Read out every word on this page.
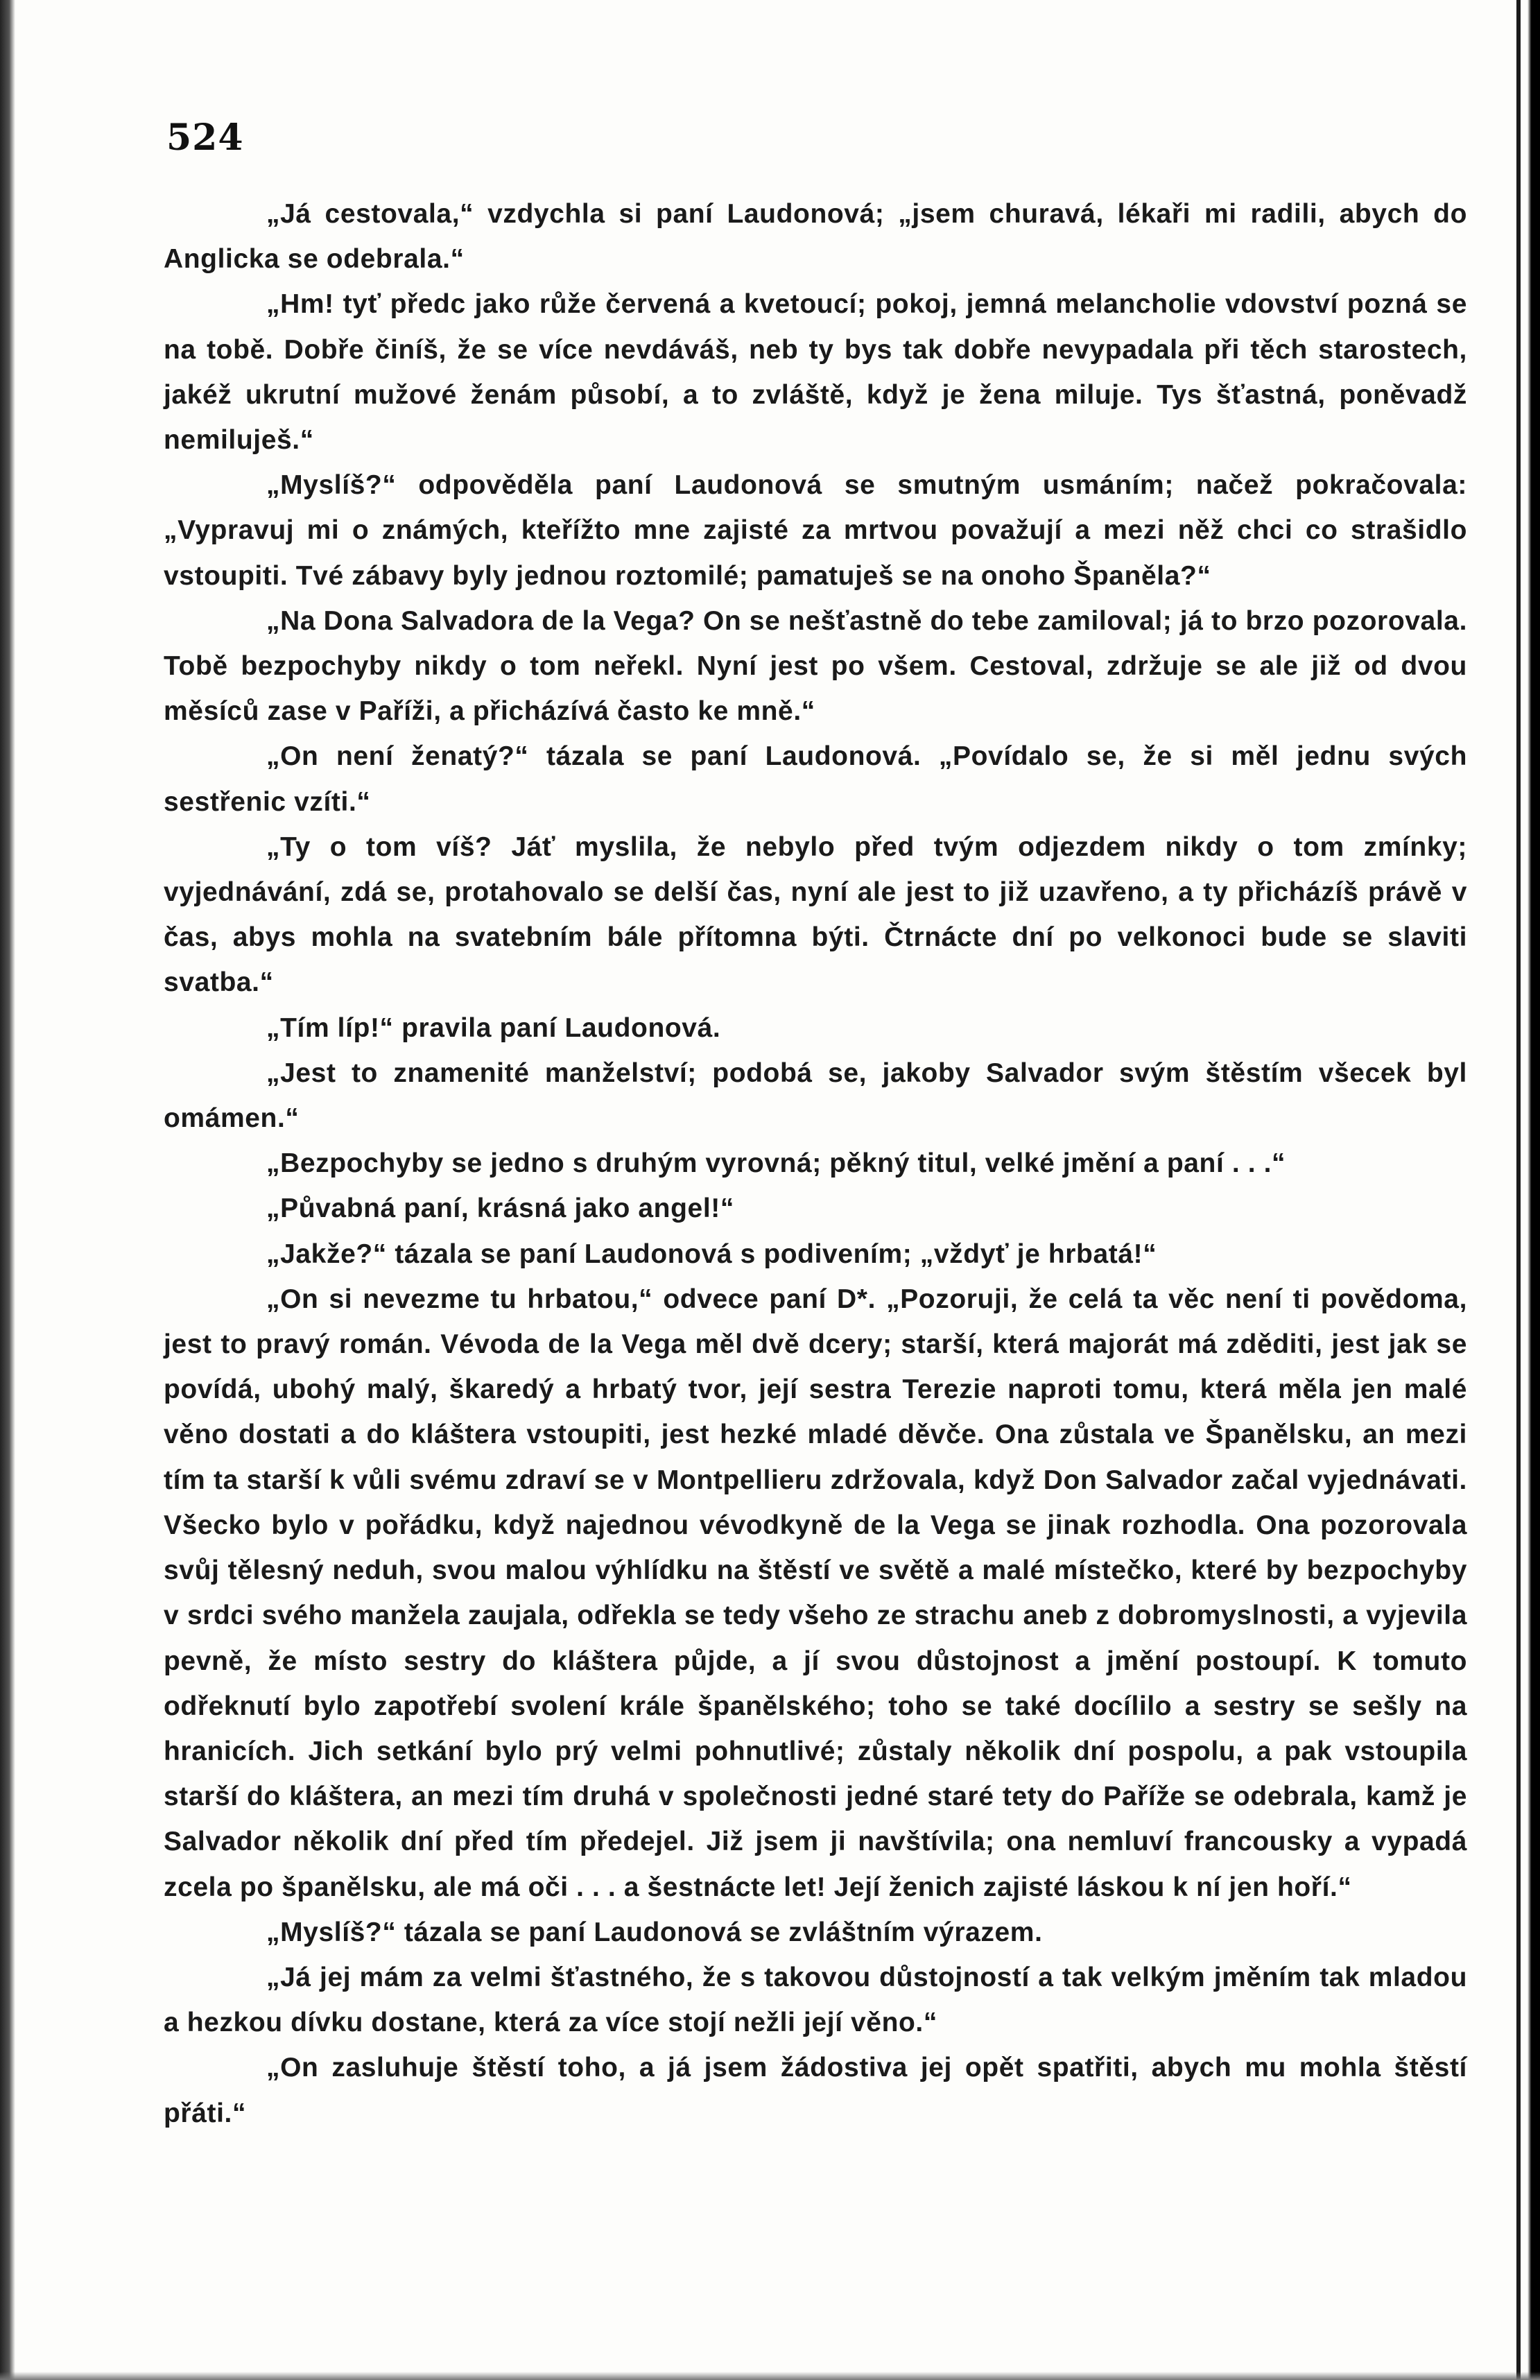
524

„Já cestovala,“ vzdychla si paní Laudonová; „jsem churavá, lékaři mi radili, abych do Anglicka se odebrala.“

„Hm! tyť předc jako růže červená a kvetoucí; pokoj, jemná melancholie vdovství pozná se na tobě. Dobře činíš, že se více nevdáváš, neb ty bys tak dobře nevypadala při těch starostech, jakéž ukrutní mužové ženám působí, a to zvláště, když je žena miluje. Tys šťastná, poněvadž nemiluješ.“

„Myslíš?“ odpověděla paní Laudonová se smutným usmáním; načež pokračovala: „Vypravuj mi o známých, kteřížto mne zajisté za mrtvou považují a mezi něž chci co strašidlo vstoupiti. Tvé zábavy byly jednou roztomilé; pamatuješ se na onoho Španěla?“

„Na Dona Salvadora de la Vega? On se nešťastně do tebe zamiloval; já to brzo pozorovala. Tobě bezpochyby nikdy o tom neřekl. Nyní jest po všem. Cestoval, zdržuje se ale již od dvou měsíců zase v Paříži, a přicházívá často ke mně.“

„On není ženatý?“ tázala se paní Laudonová. „Povídalo se, že si měl jednu svých sestřenic vzíti.“

„Ty o tom víš? Jáť myslila, že nebylo před tvým odjezdem nikdy o tom zmínky; vyjednávání, zdá se, protahovalo se delší čas, nyní ale jest to již uzavřeno, a ty přicházíš právě v čas, abys mohla na svatebním bále přítomna býti. Čtrnácte dní po velkonoci bude se slaviti svatba.“

„Tím líp!“ pravila paní Laudonová.

„Jest to znamenité manželství; podobá se, jakoby Salvador svým štěstím všecek byl omámen.“

„Bezpochyby se jedno s druhým vyrovná; pěkný titul, velké jmění a paní . . .“

„Půvabná paní, krásná jako angel!“

„Jakže?“ tázala se paní Laudonová s podivením; „vždyť je hrbatá!“

„On si nevezme tu hrbatou,“ odvece paní D*. „Pozoruji, že celá ta věc není ti povědoma, jest to pravý román. Vévoda de la Vega měl dvě dcery; starší, která majorát má zděditi, jest jak se povídá, ubohý malý, škaredý a hrbatý tvor, její sestra Terezie naproti tomu, která měla jen malé věno dostati a do kláštera vstoupiti, jest hezké mladé děvče. Ona zůstala ve Španělsku, an mezi tím ta starší k vůli svému zdraví se v Montpellieru zdržovala, když Don Salvador začal vyjednávati. Všecko bylo v pořádku, když najednou vévodkyně de la Vega se jinak rozhodla. Ona pozorovala svůj tělesný neduh, svou malou výhlídku na štěstí ve světě a malé místečko, které by bezpochyby v srdci svého manžela zaujala, odřekla se tedy všeho ze strachu aneb z dobromyslnosti, a vyjevila pevně, že místo sestry do kláštera půjde, a jí svou důstojnost a jmění postoupí. K tomuto odřeknutí bylo zapotřebí svolení krále španělského; toho se také docílilo a sestry se sešly na hranicích. Jich setkání bylo prý velmi pohnutlivé; zůstaly několik dní pospolu, a pak vstoupila starší do kláštera, an mezi tím druhá v společnosti jedné staré tety do Paříže se odebrala, kamž je Salvador několik dní před tím předejel. Již jsem ji navštívila; ona nemluví francousky a vypadá zcela po španělsku, ale má oči . . . a šestnácte let! Její ženich zajisté láskou k ní jen hoří.“

„Myslíš?“ tázala se paní Laudonová se zvláštním výrazem.

„Já jej mám za velmi šťastného, že s takovou důstojností a tak velkým jměním tak mladou a hezkou dívku dostane, která za více stojí nežli její věno.“

„On zasluhuje štěstí toho, a já jsem žádostiva jej opět spatřiti, abych mu mohla štěstí přáti.“
